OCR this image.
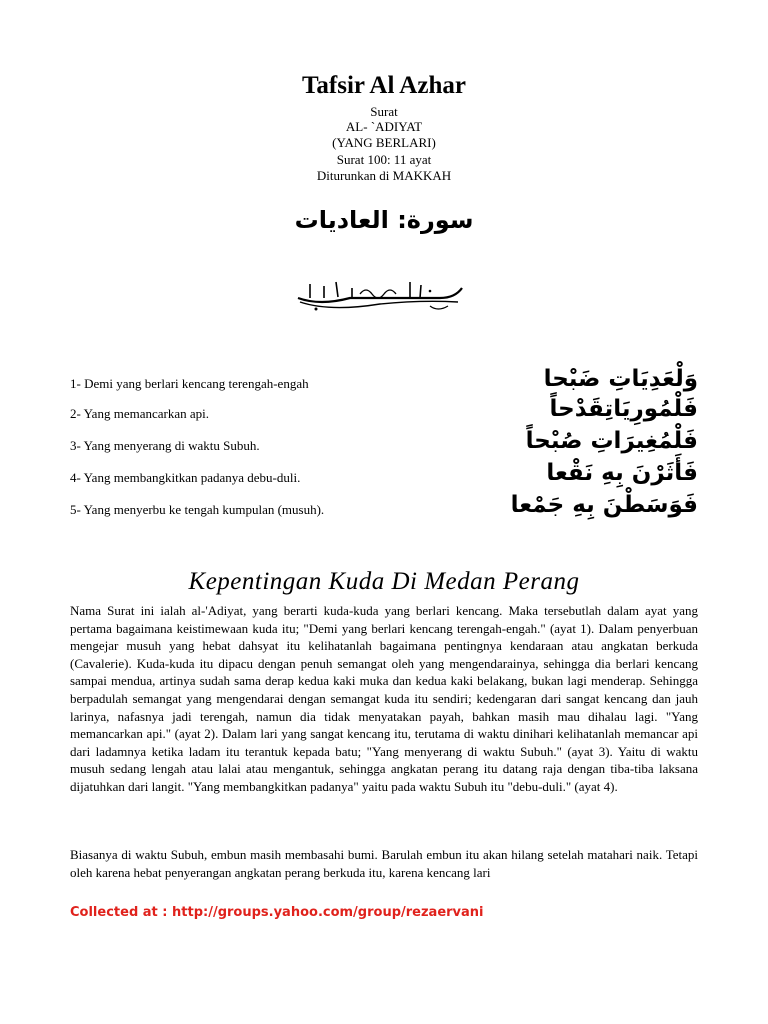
Tafsir Al Azhar
Surat
AL- `ADIYAT
(YANG BERLARI)
Surat 100: 11 ayat
Diturunkan di MAKKAH
سورة: العاديات
1- Demi yang berlari kencang terengah-engah	وَلْعَدِيَاتِ ضَبْحا
2- Yang memancarkan api.	فَلْمُورِيَاتِقَدْحاً
3- Yang menyerang di waktu Subuh.	فَلْمُغِيرَاتِ صُبْحاً
4- Yang membangkitkan padanya debu-duli.	فَأَثَرْنَ بِهِ نَقْعا
5- Yang menyerbu ke tengah kumpulan (musuh).	فَوَسَطْنَ بِهِ جَمْعا
Kepentingan Kuda Di Medan Perang
Nama Surat ini ialah al-'Adiyat, yang berarti kuda-kuda yang berlari kencang. Maka tersebutlah dalam ayat yang pertama bagaimana keistimewaan kuda itu; "Demi yang berlari kencang terengah-engah." (ayat 1). Dalam penyerbuan mengejar musuh yang hebat dahsyat itu kelihatanlah bagaimana pentingnya kendaraan atau angkatan berkuda (Cavalerie). Kuda-kuda itu dipacu dengan penuh semangat oleh yang mengendarainya, sehingga dia berlari kencang sampai mendua, artinya sudah sama derap kedua kaki muka dan kedua kaki belakang, bukan lagi menderap. Sehingga berpadulah semangat yang mengendarai dengan semangat kuda itu sendiri; kedengaran dari sangat kencang dan jauh larinya, nafasnya jadi terengah, namun dia tidak menyatakan payah, bahkan masih mau dihalau lagi. "Yang memancarkan api." (ayat 2). Dalam lari yang sangat kencang itu, terutama di waktu dinihari kelihatanlah memancar api dari ladamnya ketika ladam itu terantuk kepada batu; "Yang menyerang di waktu Subuh." (ayat 3). Yaitu di waktu musuh sedang lengah atau lalai atau mengantuk, sehingga angkatan perang itu datang raja dengan tiba-tiba laksana dijatuhkan dari langit. "Yang membangkitkan padanya" yaitu pada waktu Subuh itu "debu-duli." (ayat 4).
Biasanya di waktu Subuh, embun masih membasahi bumi. Barulah embun itu akan hilang setelah matahari naik. Tetapi oleh karena hebat penyerangan angkatan perang berkuda itu, karena kencang lari
Collected at : http://groups.yahoo.com/group/rezaervani
